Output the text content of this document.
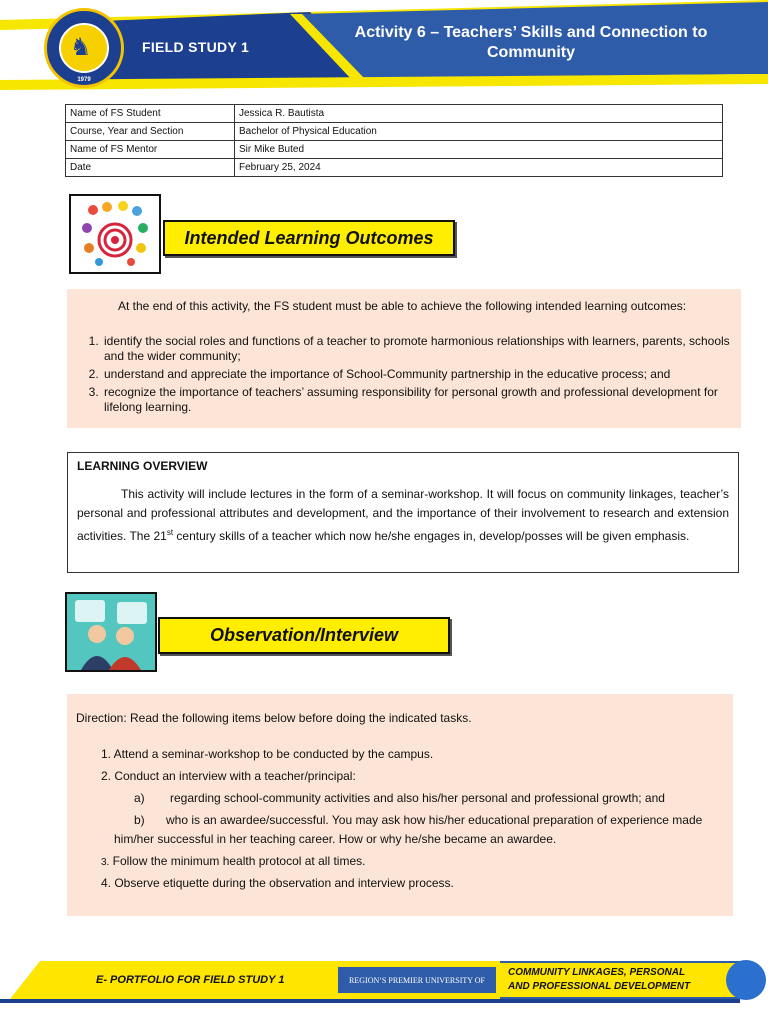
♞
1979
FIELD STUDY 1
Activity 6 – Teachers’ Skills and Connection to Community
Name of FS Student	Jessica R. Bautista
Course, Year and Section	Bachelor of Physical Education
Name of FS Mentor	Sir Mike Buted
Date	February 25, 2024
Intended Learning Outcomes
At the end of this activity, the FS student must be able to achieve the following intended learning outcomes:
1. identify the social roles and functions of a teacher to promote harmonious relationships with learners, parents, schools and the wider community;
2. understand and appreciate the importance of School-Community partnership in the educative process; and
3. recognize the importance of teachers’ assuming responsibility for personal growth and professional development for lifelong learning.
LEARNING OVERVIEW
This activity will include lectures in the form of a seminar-workshop. It will focus on community linkages, teacher’s personal and professional attributes and development, and the importance of their involvement to research and extension activities. The 21st century skills of a teacher which now he/she engages in, develop/posses will be given emphasis.
Observation/Interview
Direction: Read the following items below before doing the indicated tasks.
1. Attend a seminar-workshop to be conducted by the campus.
2. Conduct an interview with a teacher/principal:
a) regarding school-community activities and also his/her personal and professional growth; and
b) who is an awardee/successful. You may ask how his/her educational preparation of experience made
him/her successful in her teaching career. How or why he/she became an awardee.
3. Follow the minimum health protocol at all times.
4. Observe etiquette during the observation and interview process.
E- PORTFOLIO FOR FIELD STUDY 1	REGION’S PREMIER UNIVERSITY OF
COMMUNITY LINKAGES, PERSONAL
AND PROFESSIONAL DEVELOPMENT
